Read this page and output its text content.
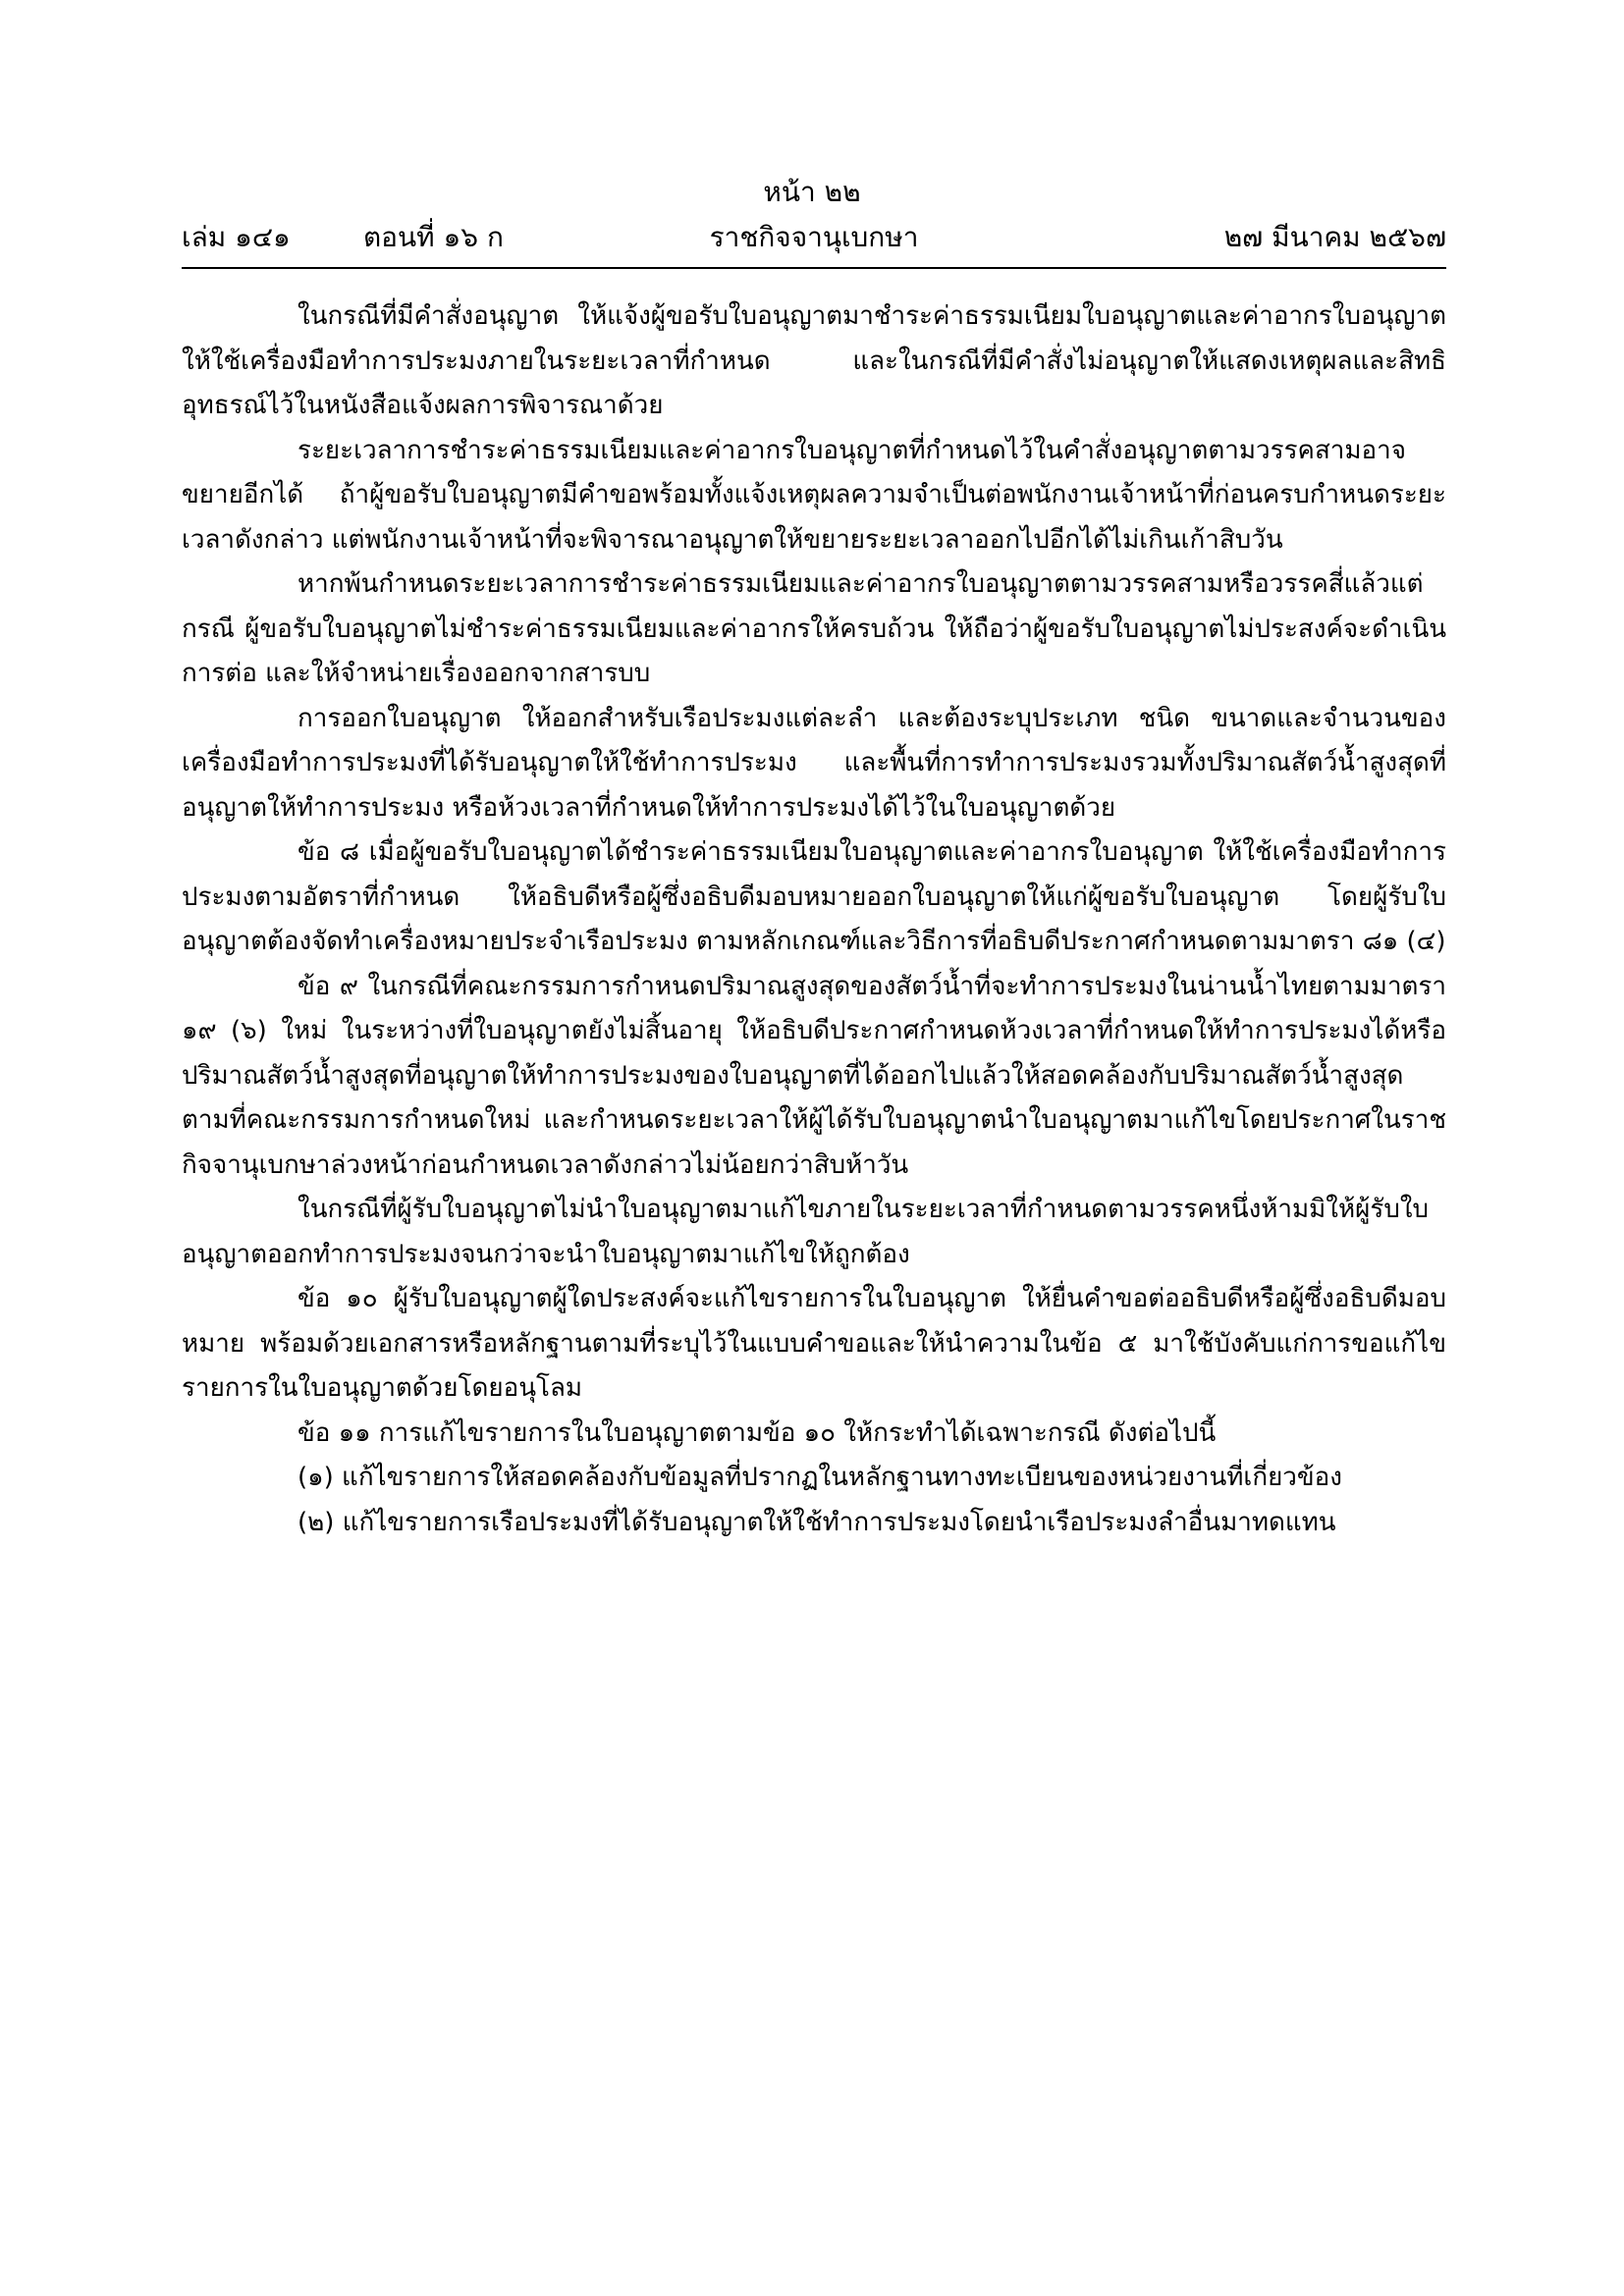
หน้า ๒๒
เล่ม ๑๔๑	ตอนที่ ๑๖ ก	ราชกิจจานุเบกษา	๒๗ มีนาคม ๒๕๖๗

ในกรณีที่มีคำสั่งอนุญาต ให้แจ้งผู้ขอรับใบอนุญาตมาชำระค่าธรรมเนียมใบอนุญาตและค่าอากรใบอนุญาตให้ใช้เครื่องมือทำการประมงภายในระยะเวลาที่กำหนด และในกรณีที่มีคำสั่งไม่อนุญาตให้แสดงเหตุผลและสิทธิอุทธรณ์ไว้ในหนังสือแจ้งผลการพิจารณาด้วย

ระยะเวลาการชำระค่าธรรมเนียมและค่าอากรใบอนุญาตที่กำหนดไว้ในคำสั่งอนุญาตตามวรรคสามอาจขยายอีกได้ ถ้าผู้ขอรับใบอนุญาตมีคำขอพร้อมทั้งแจ้งเหตุผลความจำเป็นต่อพนักงานเจ้าหน้าที่ก่อนครบกำหนดระยะเวลาดังกล่าว แต่พนักงานเจ้าหน้าที่จะพิจารณาอนุญาตให้ขยายระยะเวลาออกไปอีกได้ไม่เกินเก้าสิบวัน

หากพ้นกำหนดระยะเวลาการชำระค่าธรรมเนียมและค่าอากรใบอนุญาตตามวรรคสามหรือวรรคสี่แล้วแต่กรณี ผู้ขอรับใบอนุญาตไม่ชำระค่าธรรมเนียมและค่าอากรให้ครบถ้วน ให้ถือว่าผู้ขอรับใบอนุญาตไม่ประสงค์จะดำเนินการต่อ และให้จำหน่ายเรื่องออกจากสารบบ

การออกใบอนุญาต ให้ออกสำหรับเรือประมงแต่ละลำ และต้องระบุประเภท ชนิด ขนาดและจำนวนของเครื่องมือทำการประมงที่ได้รับอนุญาตให้ใช้ทำการประมง และพื้นที่การทำการประมงรวมทั้งปริมาณสัตว์น้ำสูงสุดที่อนุญาตให้ทำการประมง หรือห้วงเวลาที่กำหนดให้ทำการประมงได้ไว้ในใบอนุญาตด้วย

ข้อ ๘ เมื่อผู้ขอรับใบอนุญาตได้ชำระค่าธรรมเนียมใบอนุญาตและค่าอากรใบอนุญาต ให้ใช้เครื่องมือทำการประมงตามอัตราที่กำหนด ให้อธิบดีหรือผู้ซึ่งอธิบดีมอบหมายออกใบอนุญาตให้แก่ผู้ขอรับใบอนุญาต โดยผู้รับใบอนุญาตต้องจัดทำเครื่องหมายประจำเรือประมง ตามหลักเกณฑ์และวิธีการที่อธิบดีประกาศกำหนดตามมาตรา ๘๑ (๔)

ข้อ ๙ ในกรณีที่คณะกรรมการกำหนดปริมาณสูงสุดของสัตว์น้ำที่จะทำการประมงในน่านน้ำไทยตามมาตรา ๑๙ (๖) ใหม่ ในระหว่างที่ใบอนุญาตยังไม่สิ้นอายุ ให้อธิบดีประกาศกำหนดห้วงเวลาที่กำหนดให้ทำการประมงได้หรือปริมาณสัตว์น้ำสูงสุดที่อนุญาตให้ทำการประมงของใบอนุญาตที่ได้ออกไปแล้วให้สอดคล้องกับปริมาณสัตว์น้ำสูงสุดตามที่คณะกรรมการกำหนดใหม่ และกำหนดระยะเวลาให้ผู้ได้รับใบอนุญาตนำใบอนุญาตมาแก้ไขโดยประกาศในราชกิจจานุเบกษาล่วงหน้าก่อนกำหนดเวลาดังกล่าวไม่น้อยกว่าสิบห้าวัน

ในกรณีที่ผู้รับใบอนุญาตไม่นำใบอนุญาตมาแก้ไขภายในระยะเวลาที่กำหนดตามวรรคหนึ่งห้ามมิให้ผู้รับใบอนุญาตออกทำการประมงจนกว่าจะนำใบอนุญาตมาแก้ไขให้ถูกต้อง

ข้อ ๑๐ ผู้รับใบอนุญาตผู้ใดประสงค์จะแก้ไขรายการในใบอนุญาต ให้ยื่นคำขอต่ออธิบดีหรือผู้ซึ่งอธิบดีมอบหมาย พร้อมด้วยเอกสารหรือหลักฐานตามที่ระบุไว้ในแบบคำขอและให้นำความในข้อ ๕ มาใช้บังคับแก่การขอแก้ไขรายการในใบอนุญาตด้วยโดยอนุโลม

ข้อ ๑๑ การแก้ไขรายการในใบอนุญาตตามข้อ ๑๐ ให้กระทำได้เฉพาะกรณี ดังต่อไปนี้

(๑) แก้ไขรายการให้สอดคล้องกับข้อมูลที่ปรากฏในหลักฐานทางทะเบียนของหน่วยงานที่เกี่ยวข้อง

(๒) แก้ไขรายการเรือประมงที่ได้รับอนุญาตให้ใช้ทำการประมงโดยนำเรือประมงลำอื่นมาทดแทน
